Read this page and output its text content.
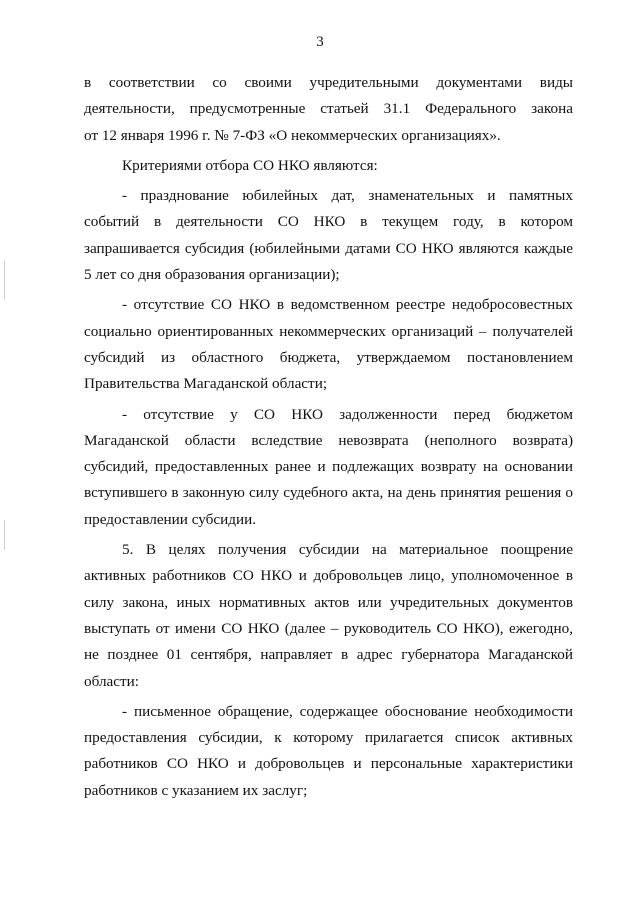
3
в соответствии со своими учредительными документами виды
деятельности, предусмотренные статьей 31.1 Федерального закона
от 12 января 1996 г. № 7-ФЗ «О некоммерческих организациях».
Критериями отбора СО НКО являются:
- празднование юбилейных дат, знаменательных и памятных
событий в деятельности СО НКО в текущем году, в котором
запрашивается субсидия (юбилейными датами СО НКО являются каждые
5 лет со дня образования организации);
- отсутствие СО НКО в ведомственном реестре недобросовестных
социально ориентированных некоммерческих организаций – получателей
субсидий из областного бюджета, утверждаемом постановлением
Правительства Магаданской области;
- отсутствие у СО НКО задолженности перед бюджетом
Магаданской области вследствие невозврата (неполного возврата)
субсидий, предоставленных ранее и подлежащих возврату на основании
вступившего в законную силу судебного акта, на день принятия решения о
предоставлении субсидии.
5. В целях получения субсидии на материальное поощрение
активных работников СО НКО и добровольцев лицо, уполномоченное в
силу закона, иных нормативных актов или учредительных документов
выступать от имени СО НКО (далее – руководитель СО НКО), ежегодно,
не позднее 01 сентября, направляет в адрес губернатора Магаданской
области:
- письменное обращение, содержащее обоснование необходимости
предоставления субсидии, к которому прилагается список активных
работников СО НКО и добровольцев и персональные характеристики
работников с указанием их заслуг;
